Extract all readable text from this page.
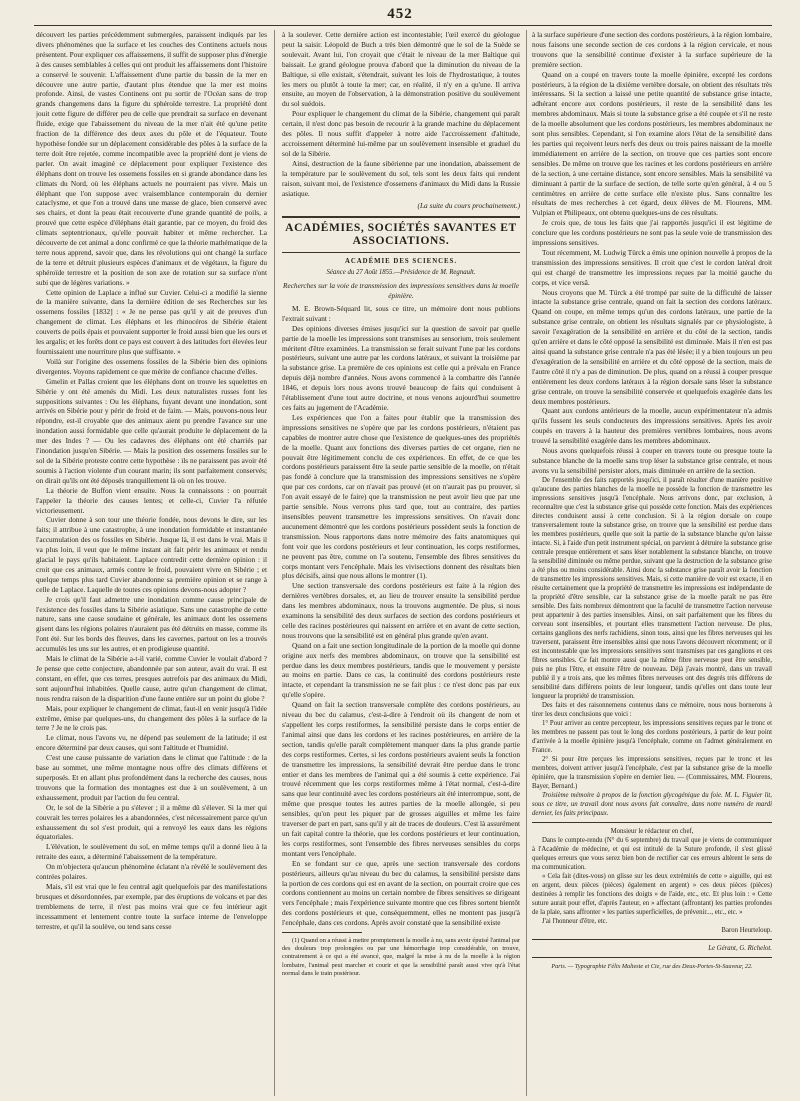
452

découvert les parties précédemment submergées, paraissent indiqués par les divers phénomènes que la surface et les couches des Continens actuels nous présentent. Pour expliquer ces affaissemens, il suffit de supposer plus d'énergie à des causes semblables à celles qui ont produit les affaissemens dont l'histoire a conservé le souvenir. L'affaissement d'une partie du bassin de la mer en découvre une autre partie, d'autant plus étendue que la mer est moins profonde. Ainsi, de vastes Continens ont pu sortir de l'Océan sans de trop grands changemens dans la figure du sphéroïde terrestre. La propriété dont jouit cette figure de différer peu de celle que prendrait sa surface en devenant fluide, exige que l'abaissement du niveau de la mer n'ait été qu'une petite fraction de la différence des deux axes du pôle et de l'équateur. Toute hypothèse fondée sur un déplacement considérable des pôles à la surface de la terre doit être rejetée, comme incompatible avec la propriété dont je viens de parler. On avait imaginé ce déplacement pour expliquer l'existence des éléphans dont on trouve les ossemens fossiles en si grande abondance dans les climats du Nord, où les éléphans actuels ne pourraient pas vivre. Mais un éléphant que l'on suppose avec vraisemblance contemporain du dernier cataclysme, et que l'on a trouvé dans une masse de glace, bien conservé avec ses chairs, et dont la peau était recouverte d'une grande quantité de poils, a prouvé que cette espèce d'éléphans était garantie, par ce moyen, du froid des climats septentrionaux, qu'elle pouvait habiter et même rechercher. La découverte de cet animal a donc confirmé ce que la théorie mathématique de la terre nous apprend, savoir que, dans les révolutions qui ont changé la surface de la terre et détruit plusieurs espèces d'animaux et de végétaux, la figure du sphéroïde terrestre et la position de son axe de rotation sur sa surface n'ont subi que de légères variations. »

Cette opinion de Laplace a influé sur Cuvier. Celui-ci a modifié la sienne de la manière suivante, dans la dernière édition de ses Recherches sur les ossemens fossiles [1832] : « Je ne pense pas qu'il y ait de preuves d'un changement de climat. Les éléphans et les rhinocéros de Sibérie étaient couverts de poils épais et pouvaient supporter le froid aussi bien que les ours et les argalis; et les forêts dont ce pays est couvert à des latitudes fort élevées leur fournissaient une nourriture plus que suffisante. »

Voilà sur l'origine des ossemens fossiles de la Sibérie bien des opinions divergentes. Voyons rapidement ce que mérite de confiance chacune d'elles.

Gmelin et Pallas croient que les éléphans dont on trouve les squelettes en Sibérie y ont été amenés du Midi. Les deux naturalistes russes font les suppositions suivantes : Ou les éléphans, fuyant devant une inondation, sont arrivés en Sibérie pour y périr de froid et de faim. — Mais, pouvons-nous leur répondre, est-il croyable que des animaux aient pu prendre l'avance sur une inondation aussi formidable que celle qu'aurait produite le déplacement de la mer des Indes ? — Ou les cadavres des éléphans ont été charriés par l'inondation jusqu'en Sibérie. — Mais la position des ossemens fossiles sur le sol de la Sibérie proteste contre cette hypothèse : ils ne paraissent pas avoir été soumis à l'action violente d'un courant marin; ils sont parfaitement conservés; on dirait qu'ils ont été déposés tranquillement là où on les trouve.

La théorie de Buffon vient ensuite. Nous la connaissons : on pourrait l'appeler la théorie des causes lentes; et celle-ci, Cuvier l'a réfutée victorieusement.

Cuvier donne à son tour une théorie fondée, nous devons le dire, sur les faits; il attribue à une catastrophe, à une inondation formidable et instantanée l'accumulation des os fossiles en Sibérie. Jusque là, il est dans le vrai. Mais il va plus loin, il veut que le même instant ait fait périr les animaux et rendu glacial le pays qu'ils habitaient. Laplace contredit cette dernière opinion : il croit que ces animaux, armés contre le froid, pouvaient vivre en Sibérie ; et quelque temps plus tard Cuvier abandonne sa première opinion et se range à celle de Laplace. Laquelle de toutes ces opinions devons-nous adopter ?

Je crois qu'il faut admettre une inondation comme cause principale de l'existence des fossiles dans la Sibérie asiatique. Sans une catastrophe de cette nature, sans une cause soudaine et générale, les animaux dont les ossemens gisent dans les régions polaires n'auraient pas été détruits en masse, comme ils l'ont été. Sur les bords des fleuves, dans les cavernes, partout on les a trouvés accumulés les uns sur les autres, et en prodigieuse quantité.

Mais le climat de la Sibérie a-t-il varié, comme Cuvier le voulait d'abord ? Je pense que cette conjecture, abandonnée par son auteur, avait du vrai. Il est constant, en effet, que ces terres, presques autrefois par des animaux du Midi, sont aujourd'hui inhabitées. Quelle cause, autre qu'un changement de climat, nous rendra raison de la disparition d'une faune entière sur un point du globe ?

Mais, pour expliquer le changement de climat, faut-il en venir jusqu'à l'idée extrême, émise par quelques-uns, du changement des pôles à la surface de la terre ? Je ne le crois pas.

Le climat, nous l'avons vu, ne dépend pas seulement de la latitude; il est encore déterminé par deux causes, qui sont l'altitude et l'humidité.

C'est une cause puissante de variation dans le climat que l'altitude : de la base au sommet, une même montagne nous offre des climats différens et superposés. Et en allant plus profondément dans la recherche des causes, nous trouvons que la formation des montagnes est due à un soulèvement, à un exhaussement, produit par l'action du feu central.

Or, le sol de la Sibérie a pu s'élever ; il a même dû s'élever. Si la mer qui couvrait les terres polaires les a abandonnées, c'est nécessairement parce qu'un exhaussement du sol s'est produit, qui a renvoyé les eaux dans les régions équatoriales.

L'élévation, le soulèvement du sol, en même temps qu'il a donné lieu à la retraite des eaux, a déterminé l'abaissement de la température.

On m'objectera qu'aucun phénomène éclatant n'a révélé le soulèvement des contrées polaires.

Mais, s'il est vrai que le feu central agit quelquefois par des manifestations brusques et désordonnées, par exemple, par des éruptions de volcans et par des tremblemens de terre, il n'est pas moins vrai que ce feu intérieur agit incessamment et lentement contre toute la surface interne de l'enveloppe terrestre, et qu'il la soulève, ou tend sans cesse

à la soulever. Cette dernière action est incontestable; l'œil exercé du géologue peut la saisir. Léopold de Buch a très bien démontré que le sol de la Suède se soulevait. Avant lui, l'on croyait que c'était le niveau de la mer Baltique qui baissait. Le grand géologue prouva d'abord que la diminution du niveau de la Baltique, si elle existait, s'étendrait, suivant les lois de l'hydrostatique, à toutes les mers ou plutôt à toute la mer; car, en réalité, il n'y en a qu'une. Il arriva ensuite, au moyen de l'observation, à la démonstration positive du soulèvement du sol suédois.

Pour expliquer le changement du climat de la Sibérie, changement qui paraît certain, il n'est donc pas besoin de recourir à la grande machine du déplacement des pôles. Il nous suffit d'appeler à notre aide l'accroissement d'altitude, accroissement déterminé lui-même par un soulèvement insensible et graduel du sol de la Sibérie.

Ainsi, destruction de la faune sibérienne par une inondation, abaissement de la température par le soulèvement du sol, tels sont les deux faits qui rendent raison, suivant moi, de l'existence d'ossemens d'animaux du Midi dans la Russie asiatique.

(La suite du cours prochainement.)
ACADÉMIES, SOCIÉTÉS SAVANTES ET ASSOCIATIONS.
ACADÉMIE DES SCIENCES.
Séance du 27 Août 1855.—Présidence de M. Regnault.
Recherches sur la voie de transmission des impressions sensitives dans la moelle épinière.

M. E. Brown-Séquard lit, sous ce titre, un mémoire dont nous publions l'extrait suivant :

Des opinions diverses émises jusqu'ici sur la question de savoir par quelle partie de la moelle les impressions sont transmises au sensorium, trois seulement méritent d'être examinées. La transmission se ferait suivant l'une par les cordons postérieurs, suivant une autre par les cordons latéraux, et suivant la troisième par la substance grise. La première de ces opinions est celle qui a prévalu en France depuis déjà nombre d'années. Nous avons commencé à la combattre dès l'année 1846, et depuis lors nous avons trouvé beaucoup de faits qui conduisent à l'établissement d'une tout autre doctrine, et nous venons aujourd'hui soumettre ces faits au jugement de l'Académie.

Les expériences que l'on a faites pour établir que la transmission des impressions sensitives ne s'opère que par les cordons postérieurs, n'étaient pas capables de montrer autre chose que l'existence de quelques-unes des propriétés de la moelle. Quant aux fonctions des diverses parties de cet organe, rien ne pouvait être légitimement conclu de ces expériences. En effet, de ce que les cordons postérieurs paraissent être la seule partie sensible de la moelle, on n'était pas fondé à conclure que la transmission des impressions sensitives ne s'opère que par ces cordons, car on n'avait pas prouvé (et on n'aurait pas pu prouver, si l'on avait essayé de le faire) que la transmission ne peut avoir lieu que par une partie sensible. Nous verrons plus tard que, tout au contraire, des parties insensibles peuvent transmettre les impressions sensitives. On n'avait donc aucunement démontré que les cordons postérieurs possèdent seuls la fonction de transmission. Nous rapportons dans notre mémoire des faits anatomiques qui font voir que les cordons postérieurs et leur continuation, les corps restiformes, ne peuvent pas être, comme on l'a soutenu, l'ensemble des fibres sensitives du corps montant vers l'encéphale. Mais les vivisections donnent des résultats bien plus décisifs, ainsi que nous allons le montrer (1).

Une section transversale des cordons postérieurs est faite à la région des dernières vertèbres dorsales, et, au lieu de trouver ensuite la sensibilité perdue dans les membres abdominaux, nous la trouvons augmentée. De plus, si nous examinons la sensibilité des deux surfaces de section des cordons postérieurs et celle des racines postérieures qui naissent en arrière et en avant de cette section, nous trouvons que la sensibilité est en général plus grande qu'en avant.

Quand on a fait une section longitudinale de la portion de la moelle qui donne origine aux nerfs des membres abdominaux, on trouve que la sensibilité est perdue dans les deux membres postérieurs, tandis que le mouvement y persiste au moins en partie. Dans ce cas, la continuité des cordons postérieurs reste intacte, et cependant la transmission ne se fait plus : ce n'est donc pas par eux qu'elle s'opère.

Quand on fait la section transversale complète des cordons postérieurs, au niveau du bec du calamus, c'est-à-dire à l'endroit où ils changent de nom et s'appellent les corps restiformes, la sensibilité persiste dans le corps entier de l'animal ainsi que dans les cordons et les racines postérieures, en arrière de la section, tandis qu'elle paraît complètement manquer dans la plus grande partie des corps restiformes. Certes, si les cordons postérieurs avaient seuls la fonction de transmettre les impressions, la sensibilité devrait être perdue dans le tronc entier et dans les membres de l'animal qui a été soumis à cette expérience. J'ai trouvé récemment que les corps restiformes même à l'état normal, c'est-à-dire sans que leur continuité avec les cordons postérieurs ait été interrompue, sont, de même que presque toutes les autres parties de la moelle allongée, si peu sensibles, qu'on peut les piquer par de grosses aiguilles et même les faire traverser de part en part, sans qu'il y ait de traces de douleurs. C'est là assurément un fait capital contre la théorie, que les cordons postérieurs et leur continuation, les corps restiformes, sont l'ensemble des fibres nerveuses sensibles du corps montant vers l'encéphale.

En se fondant sur ce que, après une section transversale des cordons postérieurs, ailleurs qu'au niveau du bec du calamus, la sensibilité persiste dans la portion de ces cordons qui est en avant de la section, on pourrait croire que ces cordons contiennent au moins un certain nombre de fibres sensitives se dirigeant vers l'encéphale ; mais l'expérience suivante montre que ces fibres sortent bientôt des cordons postérieurs et que, conséquemment, elles ne montent pas jusqu'à l'encéphale, dans ces cordons. Après avoir constaté que la sensibilité existe

(1) Quand on a réussi à mettre promptement la moelle à nu, sans avoir épuisé l'animal par des douleurs trop prolongées ou par une hémorrhagie trop considérable, on trouve, contrairement à ce qui a été avancé, que, malgré la mise à nu de la moelle à la région lombaire, l'animal peut marcher et courir et que la sensibilité paraît aussi vive qu'à l'état normal dans le train postérieur.

à la surface supérieure d'une section des cordons postérieurs, à la région lombaire, nous faisons une seconde section de ces cordons à la région cervicale, et nous trouvons que la sensibilité continue d'exister à la surface supérieure de la première section.

Quand on a coupé en travers toute la moelle épinière, excepté les cordons postérieurs, à la région de la dixième vertèbre dorsale, on obtient des résultats très intéressans. Si la section a laissé une petite quantité de substance grise intacte, adhérant encore aux cordons postérieurs, il reste de la sensibilité dans les membres abdominaux. Mais si toute la substance grise a été coupée et s'il ne reste de la moelle absolument que les cordons postérieurs, les membres abdominaux ne sont plus sensibles. Cependant, si l'on examine alors l'état de la sensibilité dans les parties qui reçoivent leurs nerfs des deux ou trois paires naissant de la moelle immédiatement en arrière de la section, on trouve que ces parties sont encore sensibles. De même on trouve que les racines et les cordons postérieurs en arrière de la section, à une certaine distance, sont encore sensibles. Mais la sensibilité va diminuant à partir de la surface de section, de telle sorte qu'en général, à 4 ou 5 centimètres en arrière de cette surface elle n'existe plus. Sans connaître les résultats de mes recherches à cet égard, deux élèves de M. Flourens, MM. Vulpian et Philipeaux, ont obtenu quelques-uns de ces résultats.

Je crois que, de tous les faits que j'ai rapportés jusqu'ici il est légitime de conclure que les cordons postérieurs ne sont pas la seule voie de transmission des impressions sensitives.

Tout récemment, M. Ludwig Türck a émis une opinion nouvelle à propos de la transmission des impressions sensitives. Il croit que c'est le cordon latéral droit qui est chargé de transmettre les impressions reçues par la moitié gauche du corps, et vice versâ.

Nous croyons que M. Türck a été trompé par suite de la difficulté de laisser intacte la substance grise centrale, quand on fait la section des cordons latéraux. Quand on coupe, en même temps qu'un des cordons latéraux, une partie de la substance grise centrale, on obtient les résultats signalés par ce physiologiste, à savoir l'exagération de la sensibilité en arrière et du côté de la section, tandis qu'en arrière et dans le côté opposé la sensibilité est diminuée. Mais il n'en est pas ainsi quand la substance grise centrale n'a pas été lésée; il y a bien toujours un peu d'exagération de la sensibilité en arrière et du côté opposé de la section, mais de l'autre côté il n'y a pas de diminution. De plus, quand on a réussi à couper presque entièrement les deux cordons latéraux à la région dorsale sans léser la substance grise centrale, on trouve la sensibilité conservée et quelquefois exagérée dans les deux membres postérieurs.

Quant aux cordons antérieurs de la moelle, aucun expérimentateur n'a admis qu'ils fussent les seuls conducteurs des impressions sensitives. Après les avoir coupés en travers à la hauteur des premières vertèbres lombaires, nous avons trouvé la sensibilité exagérée dans les membres abdominaux.

Nous avons quelquefois réussi à couper en travers toute ou presque toute la substance blanche de la moelle sans trop léser la substance grise centrale, et nous avons vu la sensibilité persister alors, mais diminuée en arrière de la section.

De l'ensemble des faits rapportés jusqu'ici, il paraît résulter d'une manière positive qu'aucune des parties blanches de la moelle ne possède la fonction de transmettre les impressions sensitives jusqu'à l'encéphale. Nous arrivons donc, par exclusion, à reconnaître que c'est la substance grise qui possède cette fonction. Mais des expériences directes conduisent aussi à cette conclusion. Si à la région dorsale on coupe transversalement toute la substance grise, on trouve que la sensibilité est perdue dans les membres postérieurs, quelle que soit la partie de la substance blanche qu'on laisse intacte. Si, à l'aide d'un petit instrument spécial, on parvient à détruire la substance grise centrale presque entièrement et sans léser notablement la substance blanche, on trouve la sensibilité diminuée ou même perdue, suivant que la destruction de la substance grise a été plus ou moins considérable. Ainsi donc la substance grise paraît avoir la fonction de transmettre les impressions sensitives. Mais, si cette manière de voir est exacte, il en résulte certainement que la propriété de transmettre les impressions est indépendante de la propriété d'être sensible, car la substance grise de la moelle paraît ne pas être sensible. Des faits nombreux démontrent que la faculté de transmettre l'action nerveuse peut appartenir à des parties insensibles. Ainsi, on sait parfaitement que les fibres du cerveau sont insensibles, et pourtant elles transmettent l'action nerveuse. De plus, certains ganglions des nerfs rachidiens, sinon tous, ainsi que les fibres nerveuses qui les traversent, paraissent être insensibles ainsi que nous l'avons découvert récemment; or il est incontestable que les impressions sensitives sont transmises par ces ganglions et ces fibres sensibles. Ce fait montre aussi que la même fibre nerveuse peut être sensible, puis ne plus l'être, et ensuite l'être de nouveau. Déjà j'avais montré, dans un travail publié il y a trois ans, que les mêmes fibres nerveuses ont des degrés très différens de sensibilité dans différens points de leur longueur, tandis qu'elles ont dans toute leur longueur la propriété de transmission.

Des faits et des raisonnemens contenus dans ce mémoire, nous nous bornerons à tirer les deux conclusions que voici :

1° Pour arriver au centre percepteur, les impressions sensitives reçues par le tronc et les membres ne passent pas tout le long des cordons postérieurs, à partir de leur point d'arrivée à la moelle épinière jusqu'à l'encéphale, comme on l'admet généralement en France.

2° Si pour être perçues les impressions sensitives, reçues par le tronc et les membres, doivent arriver jusqu'à l'encéphale, c'est par la substance grise de la moelle épinière, que la transmission s'opère en dernier lieu. — (Commissaires, MM. Flourens, Bayer, Bernard.)

Troisième mémoire à propos de la fonction glycogénique du foie. M. L. Figuier lit, sous ce titre, un travail dont nous avons fait connaître, dans notre numéro de mardi dernier, les faits principaux.

Monsieur le rédacteur en chef,

Dans le compte-rendu (N° du 6 septembre) du travail que je viens de communiquer à l'Académie de médecine, et qui est intitulé de la Suture profonde, il s'est glissé quelques erreurs que vous serez bien bon de rectifier car ces erreurs altèrent le sens de ma communication.

« Cela fait (dites-vous) on glisse sur les deux extrémités de cette » aiguille, qui est en argent, deux pièces (pièces) également en argent) » ces deux pièces (pièces) destinées à remplir les fonctions des doigts » de l'aide, etc., etc. Et plus loin : « Cette suture aurait pour effet, d'après l'auteur, en » affectant (affrontant) les parties profondes de la plaie, sans affronter » les parties superficielles, de prévenir..., etc., etc. »

J'ai l'honneur d'être, etc.

Baron Heurteloup.
Le Gérant, G. Richelot.
Paris. — Typographie Félix Malteste et Cie, rue des Deux-Portes-St-Sauveur, 22.
